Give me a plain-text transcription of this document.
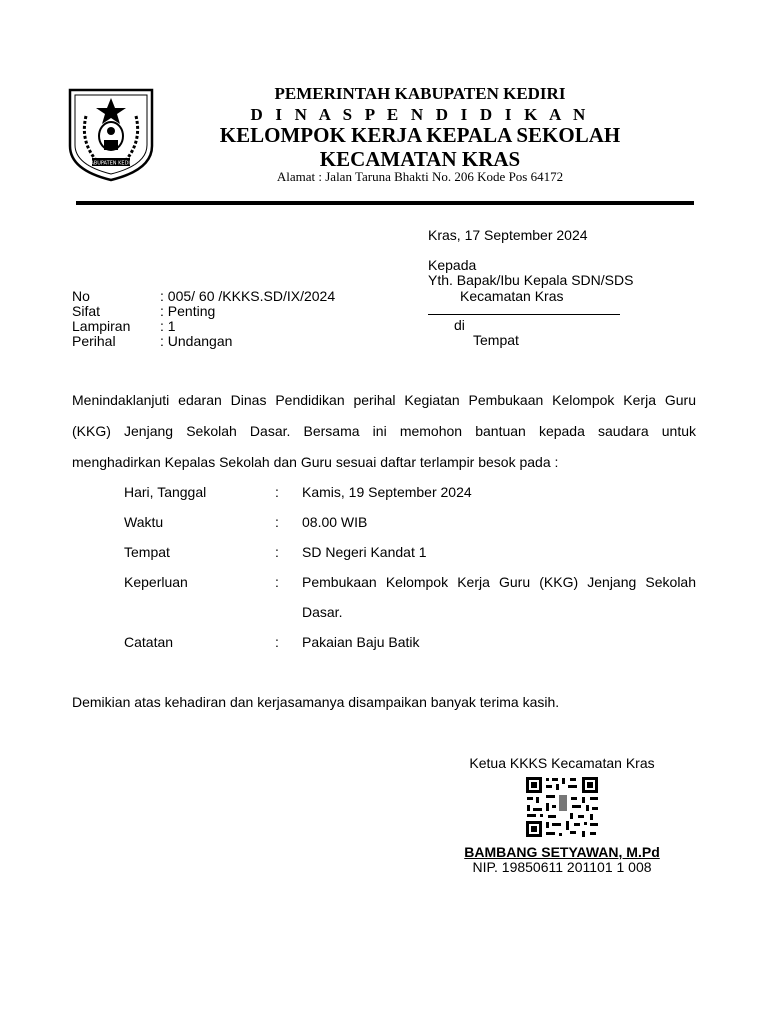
KABUPATEN KEDIRI
PEMERINTAH KABUPATEN KEDIRI
D I N A S P E N D I D I K A N
KELOMPOK KERJA KEPALA SEKOLAH
KECAMATAN KRAS
Alamat : Jalan Taruna Bhakti No. 206 Kode Pos 64172
Kras, 17 September 2024
Kepada
Yth. Bapak/Ibu Kepala SDN/SDS
Kecamatan Kras
di
Tempat
No	: 005/ 60 /KKKS.SD/IX/2024
Sifat	: Penting
Lampiran : 1
Perihal	: Undangan
Menindaklanjuti edaran Dinas Pendidikan perihal Kegiatan Pembukaan Kelompok Kerja Guru
(KKG) Jenjang Sekolah Dasar. Bersama ini memohon bantuan kepada saudara untuk
menghadirkan Kepalas Sekolah dan Guru sesuai daftar terlampir besok pada :
Hari, Tanggal	: Kamis, 19 September 2024
Waktu	: 08.00 WIB
Tempat	: SD Negeri Kandat 1
Keperluan	: Pembukaan Kelompok Kerja Guru (KKG) Jenjang Sekolah
Dasar.
Catatan	: Pakaian Baju Batik
Demikian atas kehadiran dan kerjasamanya disampaikan banyak terima kasih.
Ketua KKKS Kecamatan Kras
BAMBANG SETYAWAN, M.Pd
NIP. 19850611 201101 1 008
